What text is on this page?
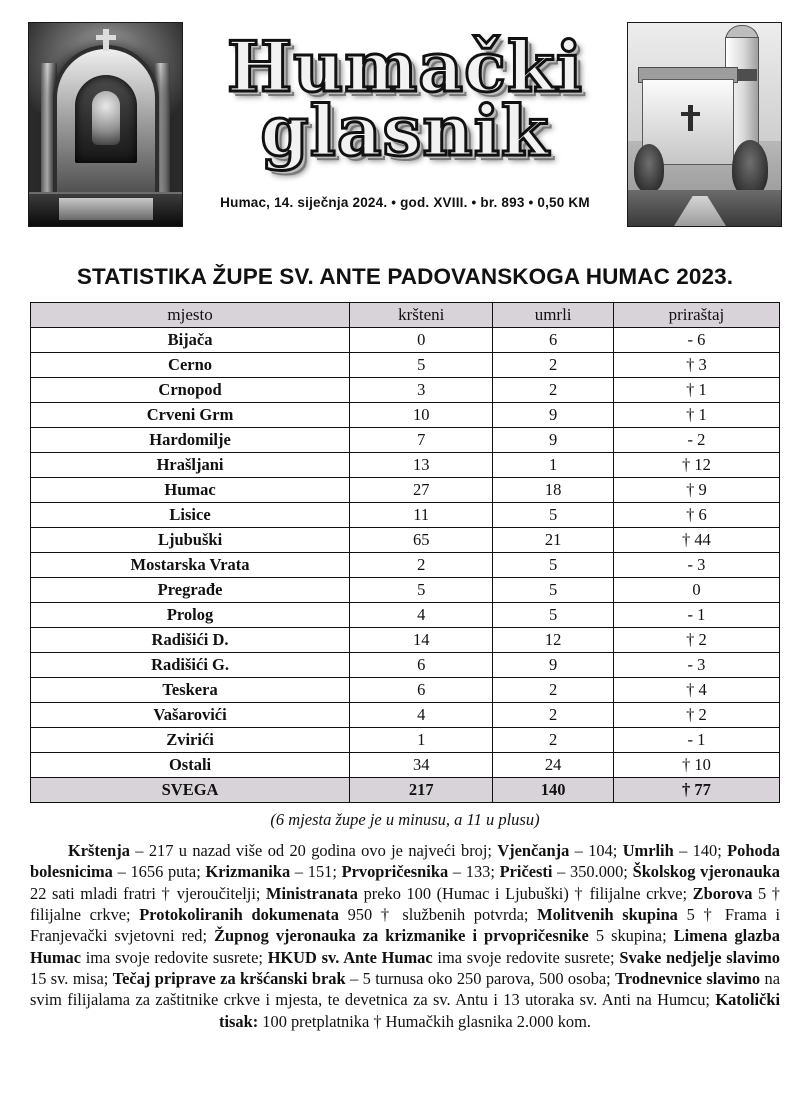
Humački
glasnik
Humac, 14. siječnja 2024. • god. XVIII. • br. 893 • 0,50 KM
STATISTIKA ŽUPE SV. ANTE PADOVANSKOGA HUMAC 2023.
mjesto	kršteni	umrli	priraštaj
Bijača	0	6	- 6
Cerno	5	2	† 3
Crnopod	3	2	† 1
Crveni Grm	10	9	† 1
Hardomilje	7	9	- 2
Hrašljani	13	1	† 12
Humac	27	18	† 9
Lisice	11	5	† 6
Ljubuški	65	21	† 44
Mostarska Vrata	2	5	- 3
Pregrađe	5	5	0
Prolog	4	5	- 1
Radišići D.	14	12	† 2
Radišići G.	6	9	- 3
Teskera	6	2	† 4
Vašarovići	4	2	† 2
Zvirići	1	2	- 1
Ostali	34	24	† 10
SVEGA	217	140	† 77
(6 mjesta župe je u minusu, a 11 u plusu)
Krštenja – 217 u nazad više od 20 godina ovo je najveći broj; Vjenčanja – 104; Umrlih – 140; Pohoda bolesnicima – 1656 puta; Krizmanika – 151; Prvopričesnika – 133; Pričesti – 350.000; Školskog vjeronauka 22 sati mladi fratri † vjeroučitelji; Ministranata preko 100 (Humac i Ljubuški) † filijalne crkve; Zborova 5 † filijalne crkve; Protokoliranih dokumenata 950 † službenih potvrda; Molitvenih skupina 5 † Frama i Franjevački svjetovni red; Župnog vjeronauka za krizmanike i prvopričesnike 5 skupina; Limena glazba Humac ima svoje redovite susrete; HKUD sv. Ante Humac ima svoje redovite susrete; Svake nedjelje slavimo 15 sv. misa; Tečaj priprave za kršćanski brak – 5 turnusa oko 250 parova, 500 osoba; Trodnevnice slavimo na svim filijalama za zaštitnike crkve i mjesta, te devetnica za sv. Antu i 13 utoraka sv. Anti na Humcu; Katolički tisak: 100 pretplatnika † Humačkih glasnika 2.000 kom.
